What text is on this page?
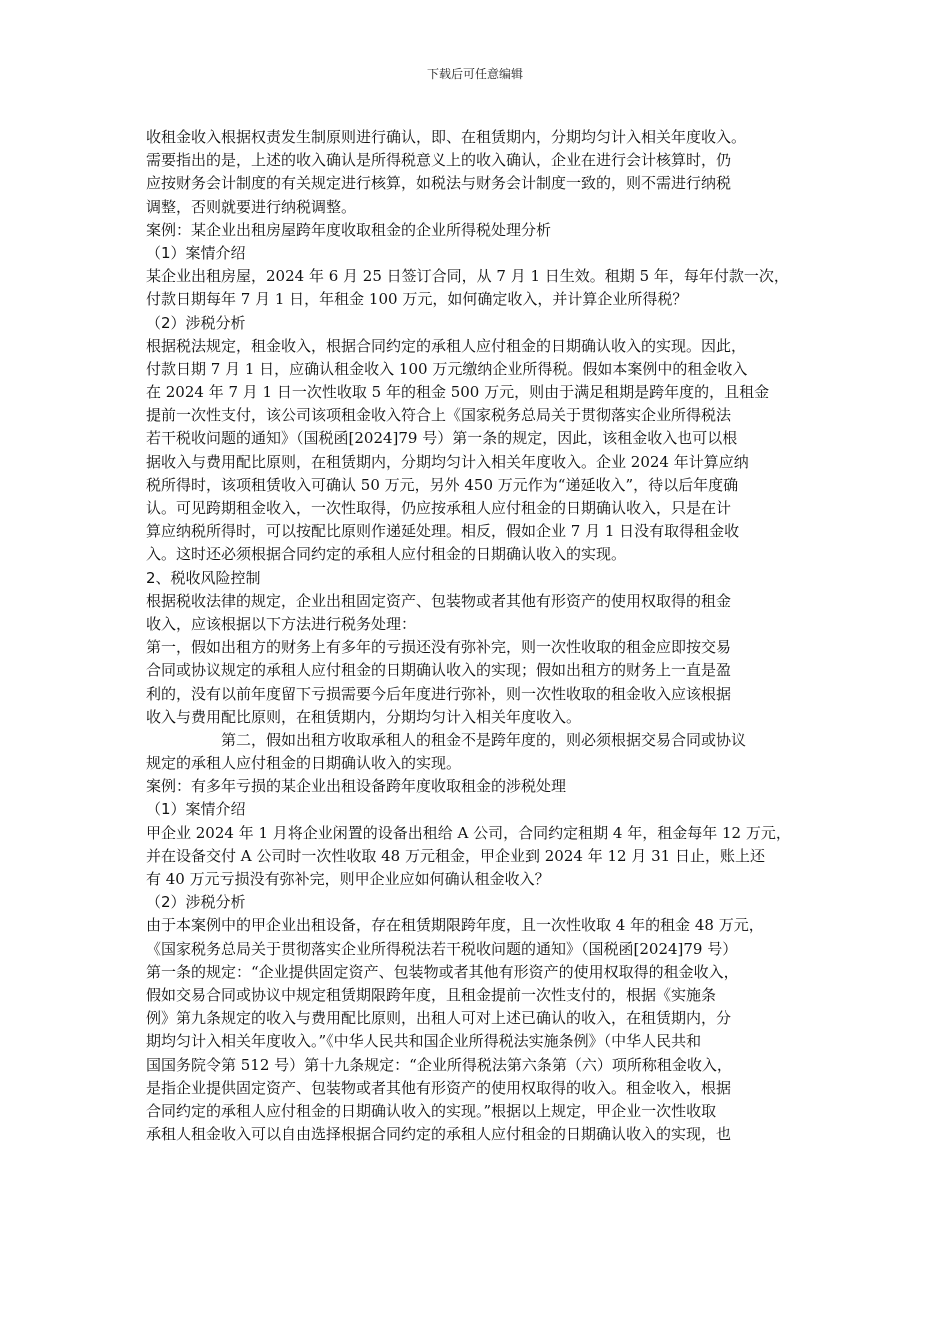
下载后可任意编辑
收租金收入根据权责发生制原则进行确认，即、在租赁期内，分期均匀计入相关年度收入。
需要指出的是，上述的收入确认是所得税意义上的收入确认，企业在进行会计核算时，仍
应按财务会计制度的有关规定进行核算，如税法与财务会计制度一致的，则不需进行纳税
调整，否则就要进行纳税调整。
案例：某企业出租房屋跨年度收取租金的企业所得税处理分析
（1）案情介绍
某企业出租房屋，2024 年 6 月 25 日签订合同，从 7 月 1 日生效。租期 5 年，每年付款一次，
付款日期每年 7 月 1 日，年租金 100 万元，如何确定收入，并计算企业所得税？
（2）涉税分析
根据税法规定，租金收入，根据合同约定的承租人应付租金的日期确认收入的实现。因此，
付款日期 7 月 1 日，应确认租金收入 100 万元缴纳企业所得税。假如本案例中的租金收入
在 2024 年 7 月 1 日一次性收取 5 年的租金 500 万元，则由于满足租期是跨年度的，且租金
提前一次性支付，该公司该项租金收入符合上《国家税务总局关于贯彻落实企业所得税法
若干税收问题的通知》（国税函[2024]79 号）第一条的规定，因此，该租金收入也可以根
据收入与费用配比原则，在租赁期内，分期均匀计入相关年度收入。企业 2024 年计算应纳
税所得时，该项租赁收入可确认 50 万元，另外 450 万元作为“递延收入”，待以后年度确
认。可见跨期租金收入，一次性取得，仍应按承租人应付租金的日期确认收入，只是在计
算应纳税所得时，可以按配比原则作递延处理。相反，假如企业 7 月 1 日没有取得租金收
入。这时还必须根据合同约定的承租人应付租金的日期确认收入的实现。
2、税收风险控制
根据税收法律的规定，企业出租固定资产、包装物或者其他有形资产的使用权取得的租金
收入，应该根据以下方法进行税务处理：
第一，假如出租方的财务上有多年的亏损还没有弥补完，则一次性收取的租金应即按交易
合同或协议规定的承租人应付租金的日期确认收入的实现；假如出租方的财务上一直是盈
利的，没有以前年度留下亏损需要今后年度进行弥补，则一次性收取的租金收入应该根据
收入与费用配比原则，在租赁期内，分期均匀计入相关年度收入。
第二，假如出租方收取承租人的租金不是跨年度的，则必须根据交易合同或协议
规定的承租人应付租金的日期确认收入的实现。
案例：有多年亏损的某企业出租设备跨年度收取租金的涉税处理
（1）案情介绍
甲企业 2024 年 1 月将企业闲置的设备出租给 A 公司，合同约定租期 4 年，租金每年 12 万元，
并在设备交付 A 公司时一次性收取 48 万元租金，甲企业到 2024 年 12 月 31 日止，账上还
有 40 万元亏损没有弥补完，则甲企业应如何确认租金收入？
（2）涉税分析
由于本案例中的甲企业出租设备，存在租赁期限跨年度，且一次性收取 4 年的租金 48 万元，
《国家税务总局关于贯彻落实企业所得税法若干税收问题的通知》（国税函[2024]79 号）
第一条的规定：“企业提供固定资产、包装物或者其他有形资产的使用权取得的租金收入，
假如交易合同或协议中规定租赁期限跨年度，且租金提前一次性支付的，根据《实施条
例》第九条规定的收入与费用配比原则，出租人可对上述已确认的收入，在租赁期内，分
期均匀计入相关年度收入。”《中华人民共和国企业所得税法实施条例》（中华人民共和
国国务院令第 512 号）第十九条规定：“企业所得税法第六条第（六）项所称租金收入，
是指企业提供固定资产、包装物或者其他有形资产的使用权取得的收入。租金收入，根据
合同约定的承租人应付租金的日期确认收入的实现。”根据以上规定，甲企业一次性收取
承租人租金收入可以自由选择根据合同约定的承租人应付租金的日期确认收入的实现，也
